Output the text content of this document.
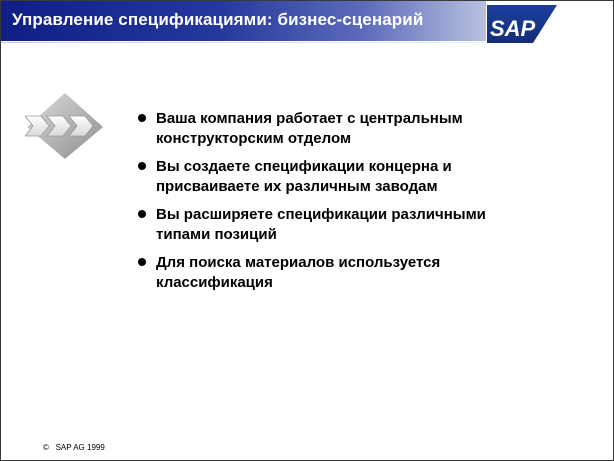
Управление спецификациями: бизнес-сценарий	SAP
Ваша компания работает с центральным
конструкторским отделом
Вы создаете спецификации концерна и
присваиваете их различным заводам
Вы расширяете спецификации различными
типами позиций
Для поиска материалов используется
классификация
© SAP AG 1999
